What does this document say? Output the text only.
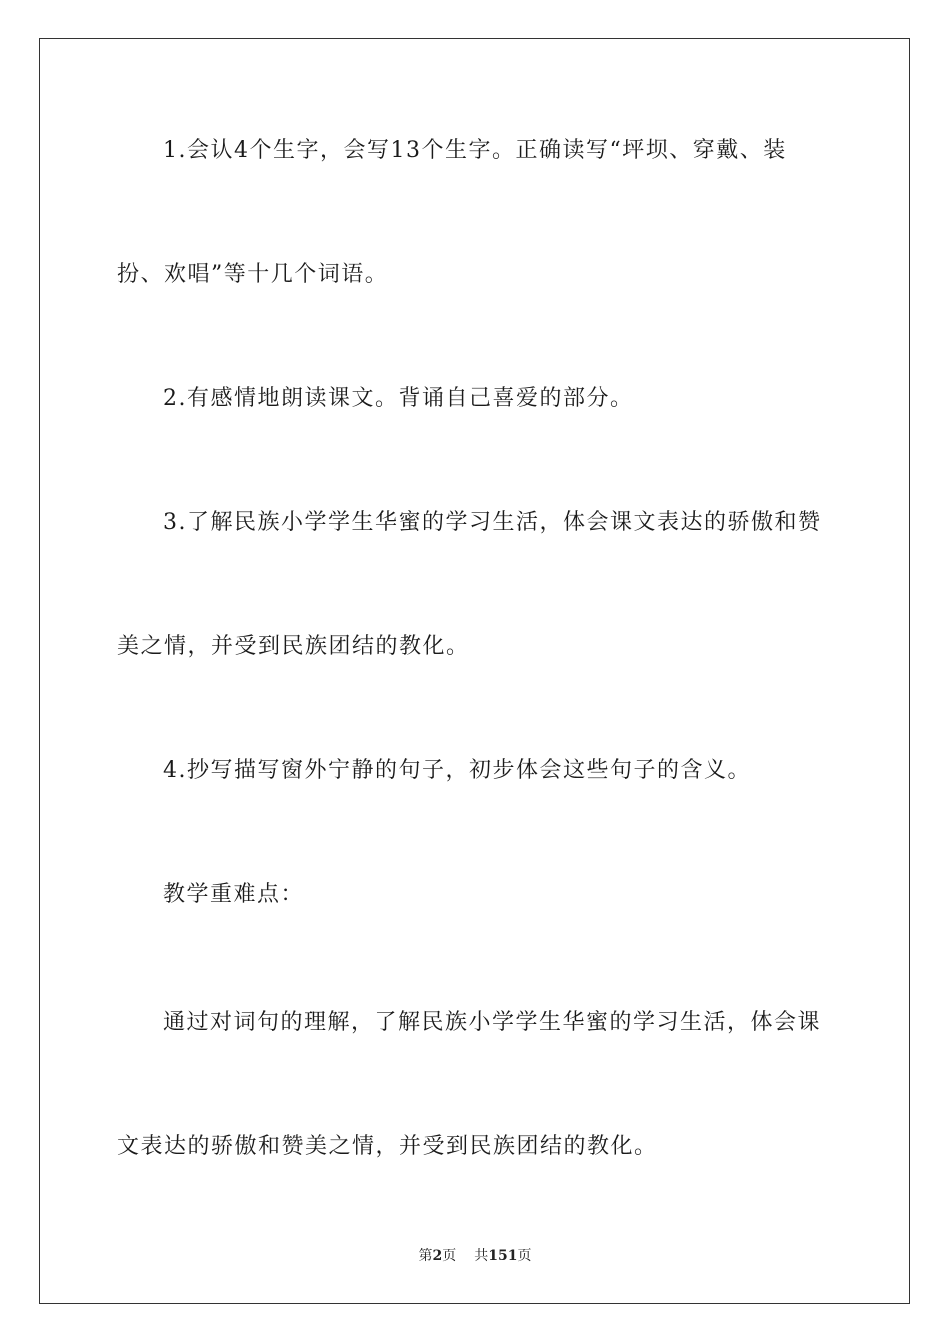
1.会认4个生字，会写13个生字。正确读写“坪坝、穿戴、装
扮、欢唱”等十几个词语。
2.有感情地朗读课文。背诵自己喜爱的部分。
3.了解民族小学学生华蜜的学习生活，体会课文表达的骄傲和赞
美之情，并受到民族团结的教化。
4.抄写描写窗外宁静的句子，初步体会这些句子的含义。
教学重难点：
通过对词句的理解，了解民族小学学生华蜜的学习生活，体会课
文表达的骄傲和赞美之情，并受到民族团结的教化。
第2页 共151页
